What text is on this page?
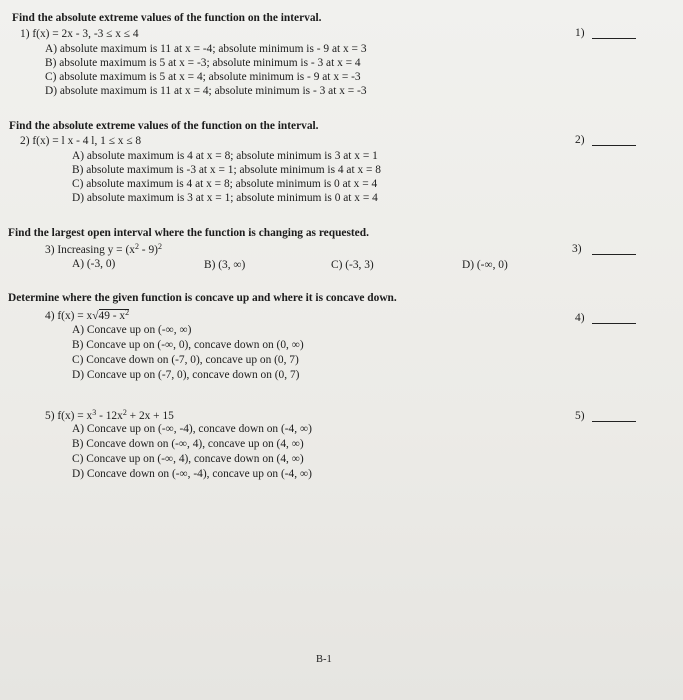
Find the absolute extreme values of the function on the interval.
1) f(x) = 2x - 3, -3 ≤ x ≤ 4
A) absolute maximum is 11 at x = -4; absolute minimum is - 9 at x = 3
B) absolute maximum is 5 at x = -3; absolute minimum is - 3 at x = 4
C) absolute maximum is 5 at x = 4; absolute minimum is - 9 at x = -3
D) absolute maximum is 11 at x = 4; absolute minimum is - 3 at x = -3
1)
Find the absolute extreme values of the function on the interval.
2) f(x) = l x - 4 l, 1 ≤ x ≤ 8
A) absolute maximum is 4 at x = 8; absolute minimum is 3 at x = 1
B) absolute maximum is -3 at x = 1; absolute minimum is 4 at x = 8
C) absolute maximum is 4 at x = 8; absolute minimum is 0 at x = 4
D) absolute maximum is 3 at x = 1; absolute minimum is 0 at x = 4
2)
Find the largest open interval where the function is changing as requested.
3) Increasing $y = (x^2 - 9)^2$
A) (-3, 0)	B) (3, ∞)	C) (-3, 3)	D) (-∞, 0)
3)
Determine where the given function is concave up and where it is concave down.
4) $f(x) = x√49 - x^2$
A) Concave up on (-∞, ∞)
B) Concave up on (-∞, 0), concave down on (0, ∞)
C) Concave down on (-7, 0), concave up on (0, 7)
D) Concave up on (-7, 0), concave down on (0, 7)
4)
5) $f(x) = x^3 - 12x^2 + 2x + 15$
A) Concave up on (-∞, -4), concave down on (-4, ∞)
B) Concave down on (-∞, 4), concave up on (4, ∞)
C) Concave up on (-∞, 4), concave down on (4, ∞)
D) Concave down on (-∞, -4), concave up on (-4, ∞)
5)
B-1
